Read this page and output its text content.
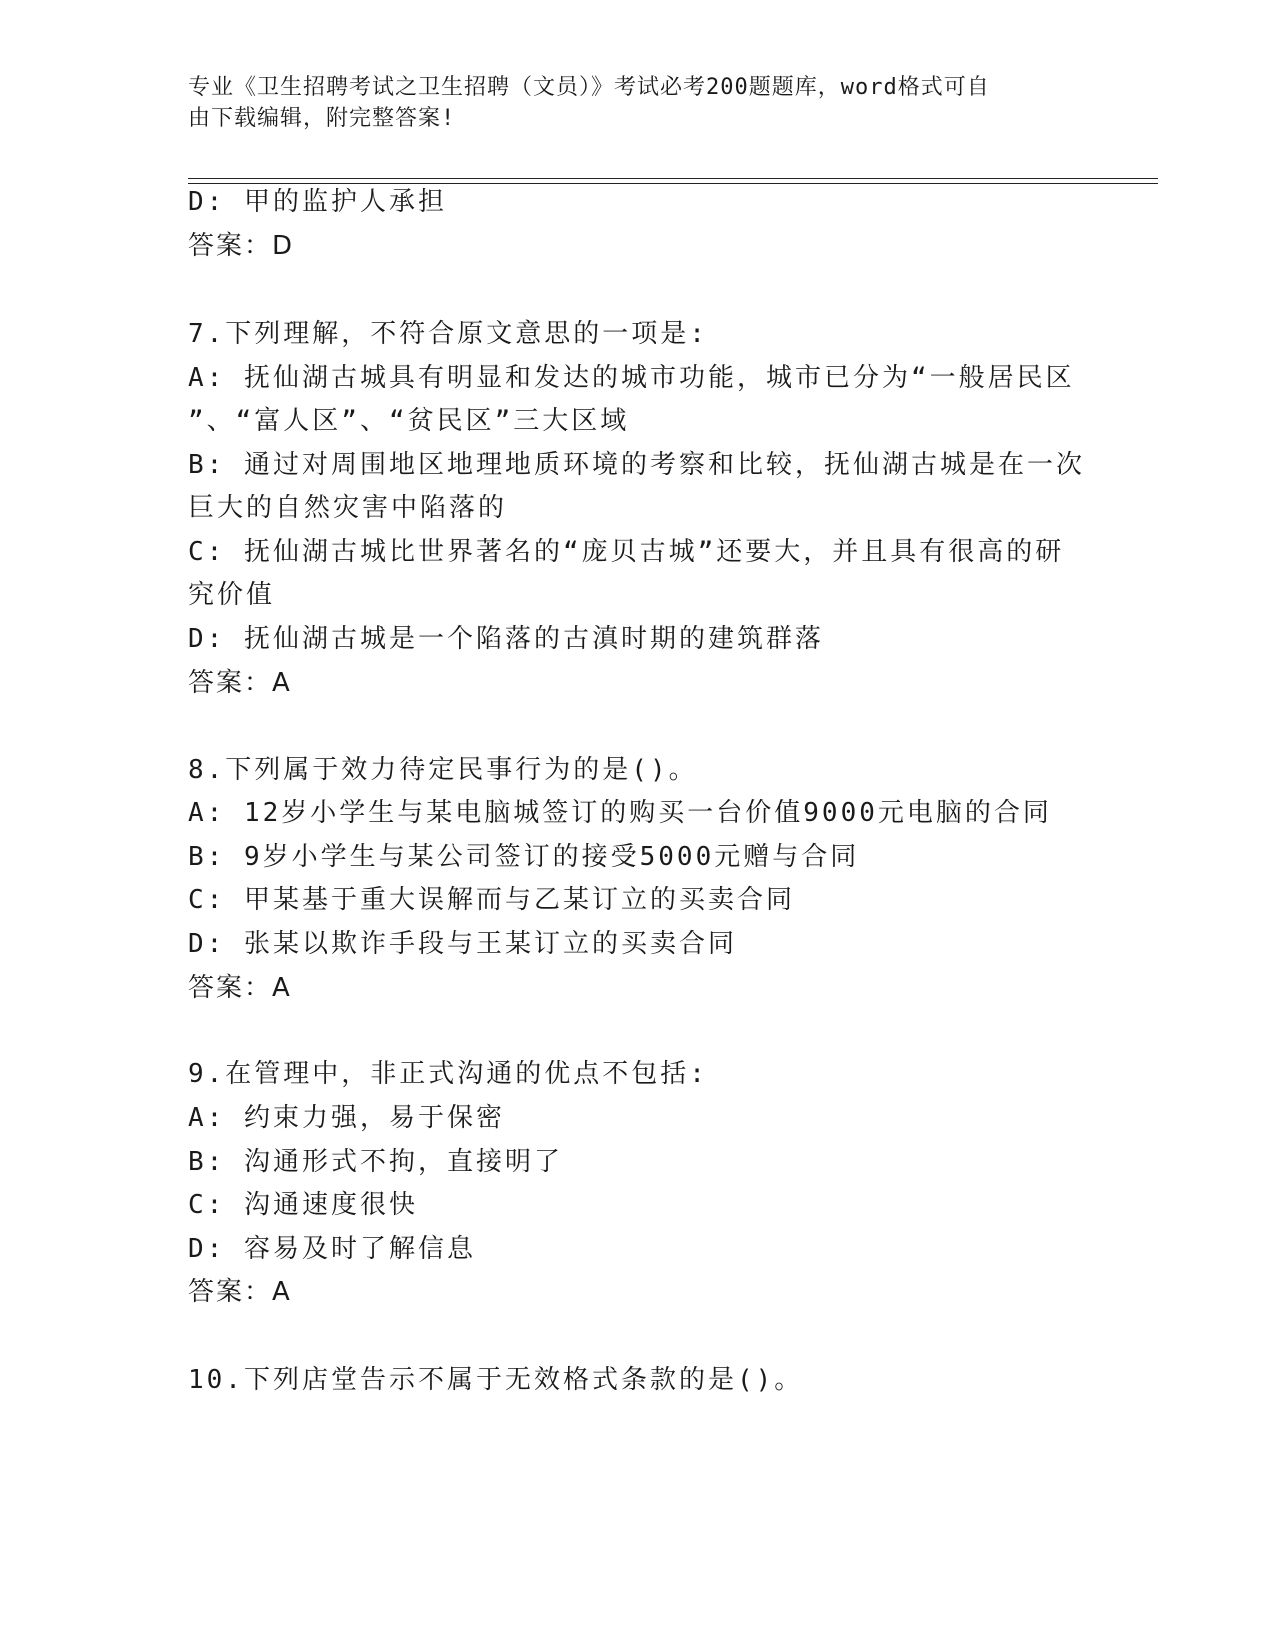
专业《卫生招聘考试之卫生招聘（文员）》考试必考200题题库，word格式可自
由下载编辑，附完整答案!
D: 甲的监护人承担
答案：D
7.下列理解，不符合原文意思的一项是:
A: 抚仙湖古城具有明显和发达的城市功能，城市已分为“一般居民区
”、“富人区”、“贫民区”三大区域
B: 通过对周围地区地理地质环境的考察和比较，抚仙湖古城是在一次
巨大的自然灾害中陷落的
C: 抚仙湖古城比世界著名的“庞贝古城”还要大，并且具有很高的研
究价值
D: 抚仙湖古城是一个陷落的古滇时期的建筑群落
答案：A
8.下列属于效力待定民事行为的是()。
A: 12岁小学生与某电脑城签订的购买一台价值9000元电脑的合同
B: 9岁小学生与某公司签订的接受5000元赠与合同
C: 甲某基于重大误解而与乙某订立的买卖合同
D: 张某以欺诈手段与王某订立的买卖合同
答案：A
9.在管理中，非正式沟通的优点不包括:
A: 约束力强，易于保密
B: 沟通形式不拘，直接明了
C: 沟通速度很快
D: 容易及时了解信息
答案：A
10.下列店堂告示不属于无效格式条款的是()。
